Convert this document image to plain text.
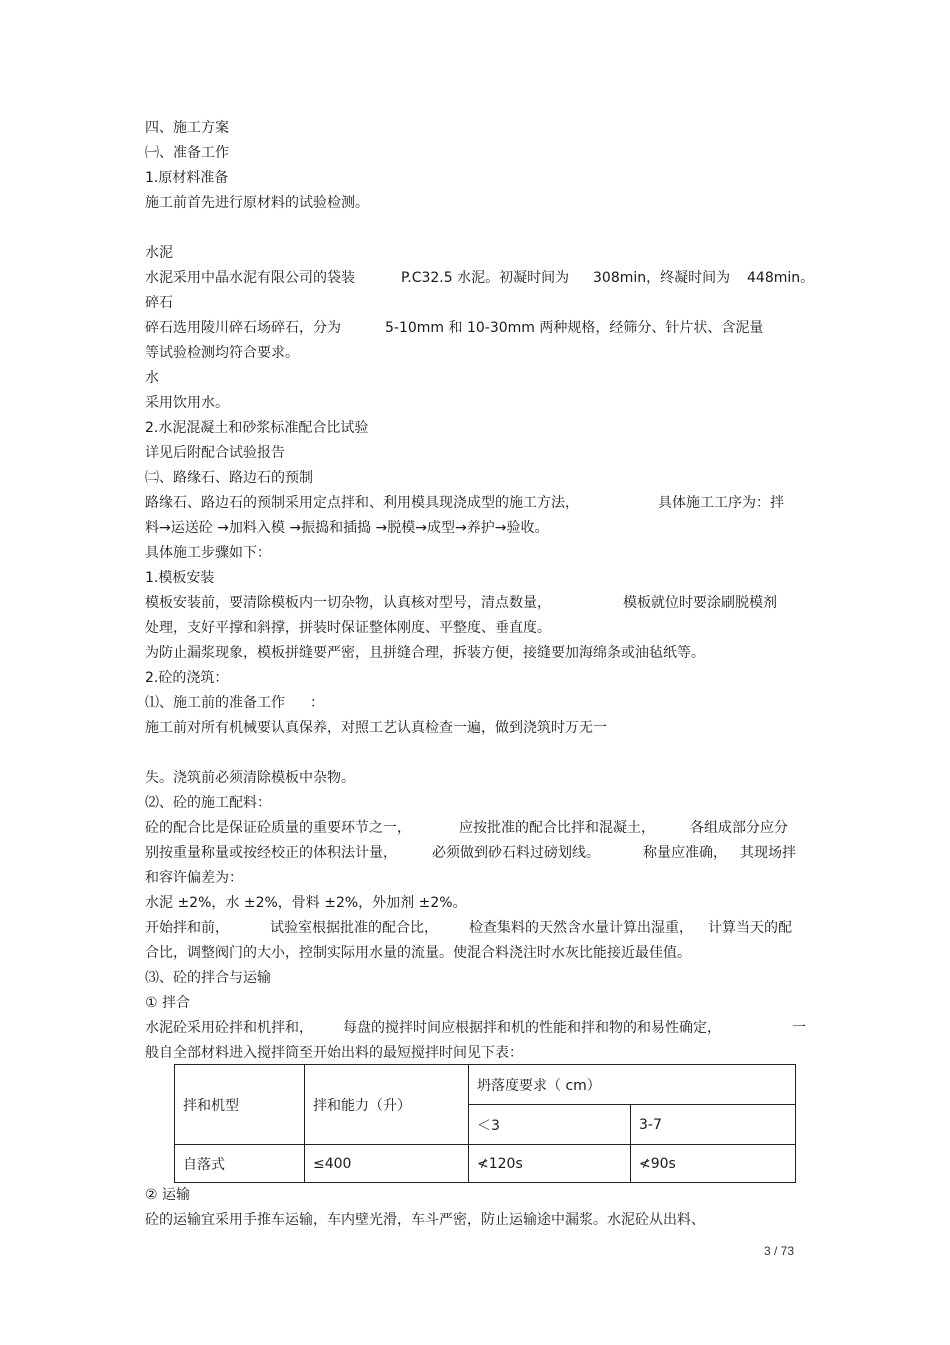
四、施工方案
㈠、准备工作
1.原材料准备
施工前首先进行原材料的试验检测。
水泥
水泥采用中晶水泥有限公司的袋装	P.C32.5 水泥。初凝时间为 308min，终凝时间为 448min。
碎石
碎石选用陵川碎石场碎石，分为	5-10mm 和 10-30mm 两种规格，经筛分、针片状、含泥量
等试验检测均符合要求。
水
采用饮用水。
2.水泥混凝土和砂浆标准配合比试验
详见后附配合试验报告
㈡、路缘石、路边石的预制
路缘石、路边石的预制采用定点拌和、利用模具现浇成型的施工方法，	具体施工工序为：拌
料→运送砼 →加料入模 →振捣和插捣 →脱模→成型→养护→验收。
具体施工步骤如下：
1.模板安装
模板安装前，要清除模板内一切杂物，认真核对型号，清点数量，	模板就位时要涂刷脱模剂
处理，支好平撑和斜撑，拼装时保证整体刚度、平整度、垂直度。
为防止漏浆现象，模板拼缝要严密，且拼缝合理，拆装方便，接缝要加海绵条或油毡纸等。
2.砼的浇筑：
⑴、施工前的准备工作 ：
施工前对所有机械要认真保养，对照工艺认真检查一遍，做到浇筑时万无一
失。浇筑前必须清除模板中杂物。
⑵、砼的施工配料：
砼的配合比是保证砼质量的重要环节之一，	应按批准的配合比拌和混凝土，	各组成部分应分
别按重量称量或按经校正的体积法计量，	必须做到砂石料过磅划线。	称量应准确， 其现场拌
和容许偏差为：
水泥 ±2%，水 ±2%，骨料 ±2%，外加剂 ±2%。
开始拌和前，	试验室根据批准的配合比， 检查集料的天然含水量计算出湿重， 计算当天的配
合比，调整阀门的大小，控制实际用水量的流量。使混合料浇注时水灰比能接近最佳值。
⑶、砼的拌合与运输
① 拌合
水泥砼采用砼拌和机拌和， 每盘的搅拌时间应根据拌和机的性能和拌和物的和易性确定，	一
般自全部材料进入搅拌筒至开始出料的最短搅拌时间见下表：
拌和机型	拌和能力（升）	坍落度要求（ cm）	
		＜3	3-7
自落式	≤400	≮120s	≮90s
② 运输
砼的运输宜采用手推车运输，车内壁光滑，车斗严密，防止运输途中漏浆。水泥砼从出料、
3 / 73
